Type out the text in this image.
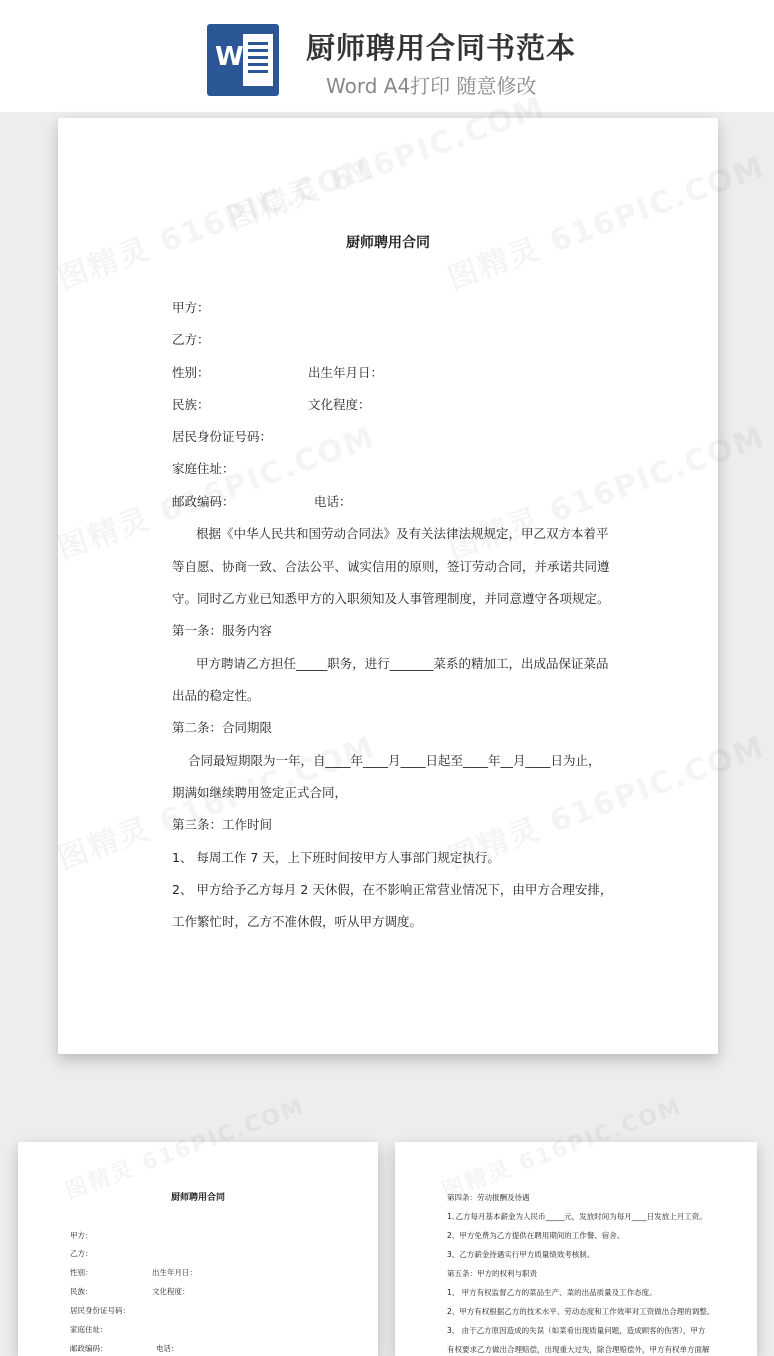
W 厨师聘用合同书范本
Word A4打印 随意修改
厨师聘用合同
甲方：
乙方：
性别：	出生年月日：
民族：	文化程度：
居民身份证号码：
家庭住址：
邮政编码：	电话：
根据《中华人民共和国劳动合同法》及有关法律法规规定，甲乙双方本着平
等自愿、协商一致、合法公平、诚实信用的原则，签订劳动合同，并承诺共同遵
守。同时乙方业已知悉甲方的入职须知及人事管理制度，并同意遵守各项规定。
第一条：服务内容
甲方聘请乙方担任_____职务，进行_______菜系的精加工，出成品保证菜品
出品的稳定性。
第二条：合同期限
合同最短期限为一年，自____年____月____日起至____年__月____日为止，
期满如继续聘用签定正式合同，
第三条：工作时间
1、 每周工作 7 天，上下班时间按甲方人事部门规定执行。
2、 甲方给予乙方每月 2 天休假，在不影响正常营业情况下，由甲方合理安排，
工作繁忙时，乙方不准休假，听从甲方调度。
厨师聘用合同
甲方：
乙方：
性别：	出生年月日：
民族：	文化程度：
居民身份证号码：
家庭住址：
邮政编码：	电话：
第四条：劳动报酬及待遇
1､乙方每月基本薪金为人民币_____元，发放时间为每月____日发放上月工资。
2、甲方免费为乙方提供在聘用期间的工作餐、宿舍。
3、乙方薪金待遇实行甲方质量绩效考核制。
第五条：甲方的权利与职责
1、 甲方有权监督乙方的菜品生产、菜的出品质量及工作态度。
2、甲方有权根据乙方的技术水平、劳动态度和工作效率对工资做出合理的调整。
3、 由于乙方原因造成的失误（如菜肴出现质量问题，造成顾客的伤害），甲方
有权要求乙方做出合理赔偿，出现重大过失，除合理赔偿外，甲方有权单方面解
